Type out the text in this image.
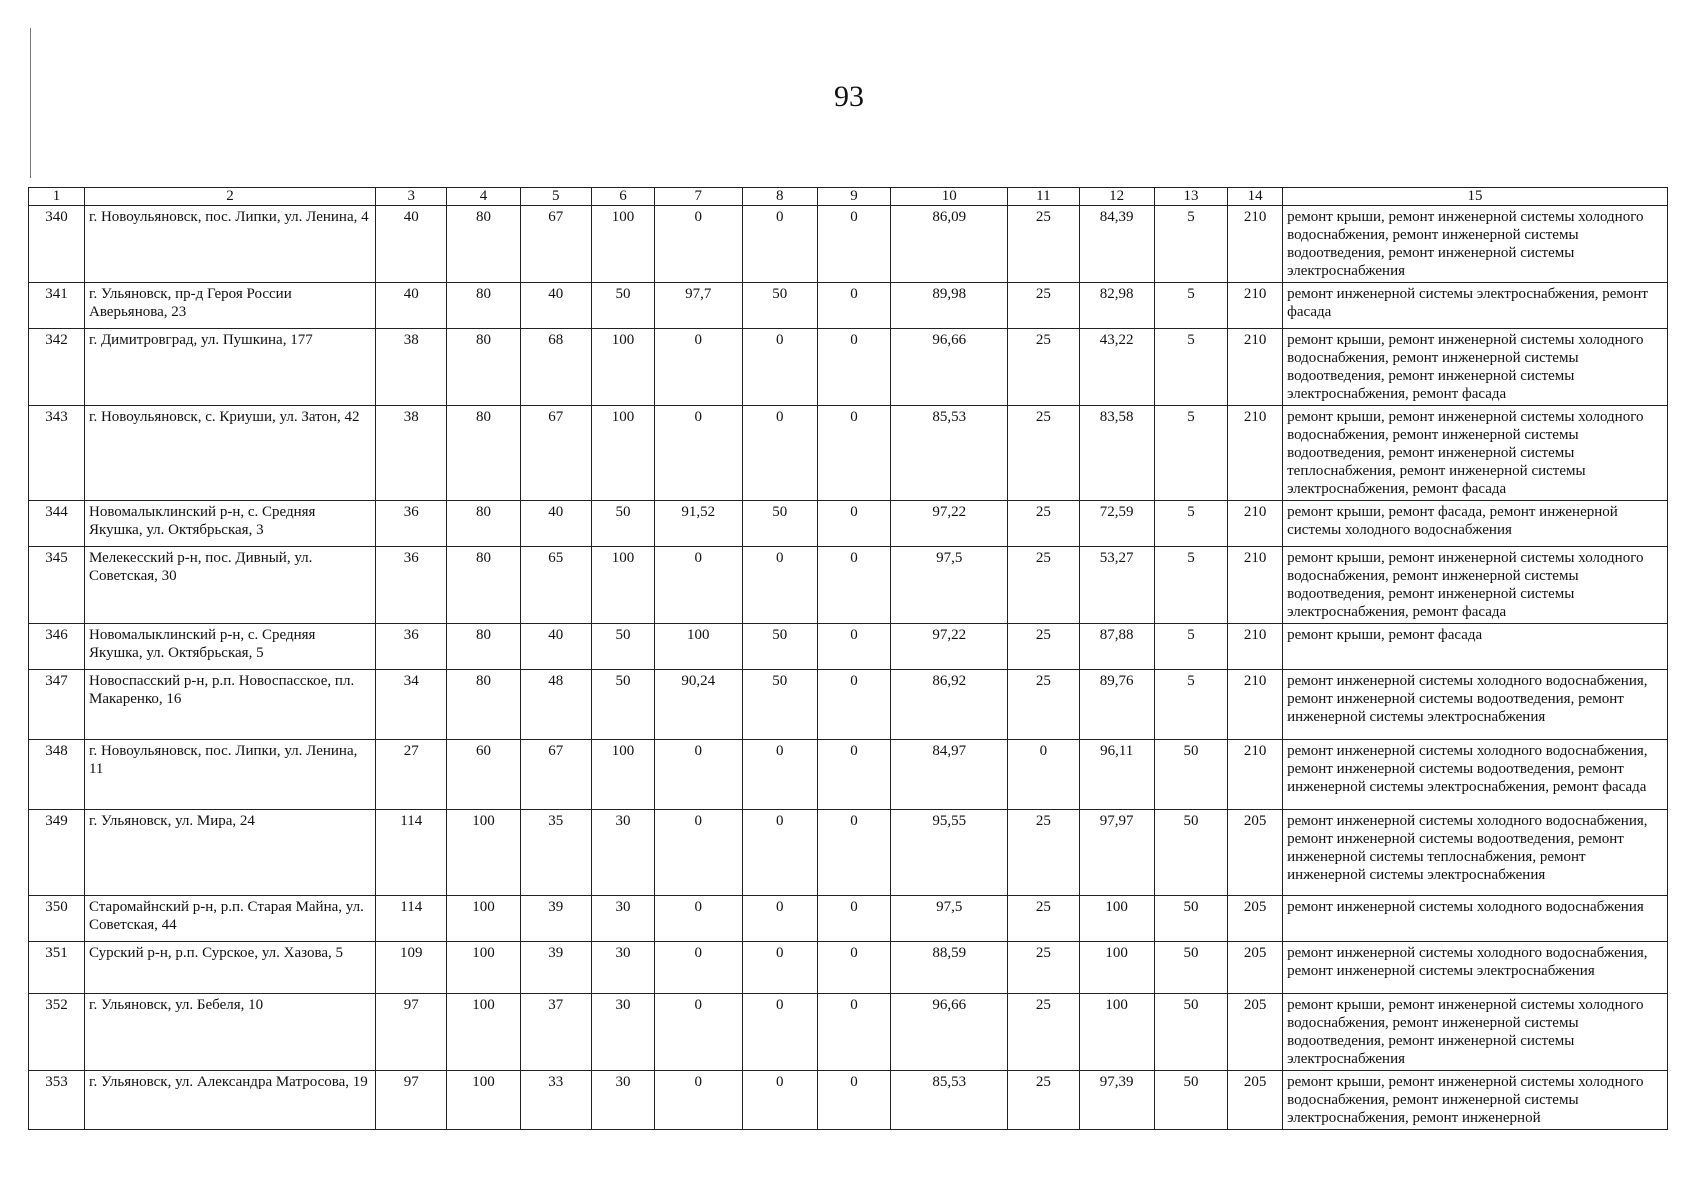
93
1	2	3	4	5	6	7	8	9	10	11	12	13	14	15
340	г. Новоульяновск, пос. Липки, ул. Ленина, 4	40	80	67	100	0	0	0	86,09	25	84,39	5	210	ремонт крыши, ремонт инженерной системы холодного водоснабжения, ремонт инженерной системы водоотведения, ремонт инженерной системы электроснабжения
341	г. Ульяновск, пр-д Героя России Аверьянова, 23	40	80	40	50	97,7	50	0	89,98	25	82,98	5	210	ремонт инженерной системы электроснабжения, ремонт фасада
342	г. Димитровград, ул. Пушкина, 177	38	80	68	100	0	0	0	96,66	25	43,22	5	210	ремонт крыши, ремонт инженерной системы холодного водоснабжения, ремонт инженерной системы водоотведения, ремонт инженерной системы электроснабжения, ремонт фасада
343	г. Новоульяновск, с. Криуши, ул. Затон, 42	38	80	67	100	0	0	0	85,53	25	83,58	5	210	ремонт крыши, ремонт инженерной системы холодного водоснабжения, ремонт инженерной системы водоотведения, ремонт инженерной системы теплоснабжения, ремонт инженерной системы электроснабжения, ремонт фасада
344	Новомалыклинский р-н, с. Средняя Якушка, ул. Октябрьская, 3	36	80	40	50	91,52	50	0	97,22	25	72,59	5	210	ремонт крыши, ремонт фасада, ремонт инженерной системы холодного водоснабжения
345	Мелекесский р-н, пос. Дивный, ул. Советская, 30	36	80	65	100	0	0	0	97,5	25	53,27	5	210	ремонт крыши, ремонт инженерной системы холодного водоснабжения, ремонт инженерной системы водоотведения, ремонт инженерной системы электроснабжения, ремонт фасада
346	Новомалыклинский р-н, с. Средняя Якушка, ул. Октябрьская, 5	36	80	40	50	100	50	0	97,22	25	87,88	5	210	ремонт крыши, ремонт фасада
347	Новоспасский р-н, р.п. Новоспасское, пл. Макаренко, 16	34	80	48	50	90,24	50	0	86,92	25	89,76	5	210	ремонт инженерной системы холодного водоснабжения, ремонт инженерной системы водоотведения, ремонт инженерной системы электроснабжения
348	г. Новоульяновск, пос. Липки, ул. Ленина, 11	27	60	67	100	0	0	0	84,97	0	96,11	50	210	ремонт инженерной системы холодного водоснабжения, ремонт инженерной системы водоотведения, ремонт инженерной системы электроснабжения, ремонт фасада
349	г. Ульяновск, ул. Мира, 24	114	100	35	30	0	0	0	95,55	25	97,97	50	205	ремонт инженерной системы холодного водоснабжения, ремонт инженерной системы водоотведения, ремонт инженерной системы теплоснабжения, ремонт инженерной системы электроснабжения
350	Старомайнский р-н, р.п. Старая Майна, ул. Советская, 44	114	100	39	30	0	0	0	97,5	25	100	50	205	ремонт инженерной системы холодного водоснабжения
351	Сурский р-н, р.п. Сурское, ул. Хазова, 5	109	100	39	30	0	0	0	88,59	25	100	50	205	ремонт инженерной системы холодного водоснабжения, ремонт инженерной системы электроснабжения
352	г. Ульяновск, ул. Бебеля, 10	97	100	37	30	0	0	0	96,66	25	100	50	205	ремонт крыши, ремонт инженерной системы холодного водоснабжения, ремонт инженерной системы водоотведения, ремонт инженерной системы электроснабжения
353	г. Ульяновск, ул. Александра Матросова, 19	97	100	33	30	0	0	0	85,53	25	97,39	50	205	ремонт крыши, ремонт инженерной системы холодного водоснабжения, ремонт инженерной системы электроснабжения, ремонт инженерной
